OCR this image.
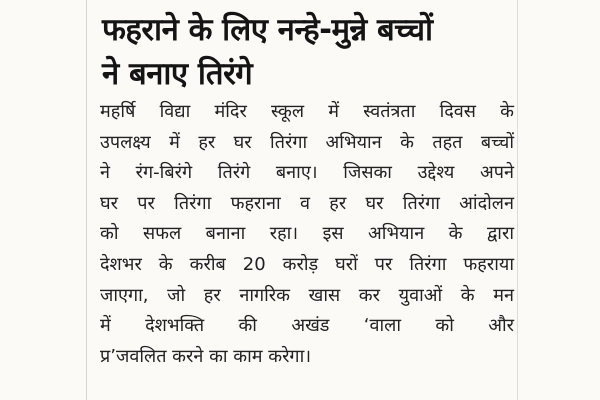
फहराने के लिए नन्हे-मुन्ने बच्चों
ने बनाए तिरंगे
महर्षि विद्या मंदिर स्कूल में स्वतंत्रता दिवस के
उपलक्ष्य में हर घर तिरंगा अभियान के तहत बच्चों
ने रंग-बिरंगे तिरंगे बनाए। जिसका उद्देश्य अपने
घर पर तिरंगा फहराना व हर घर तिरंगा आंदोलन
को सफल बनाना रहा। इस अभियान के द्वारा
देशभर के करीब 20 करोड़ घरों पर तिरंगा फहराया
जाएगा, जो हर नागरिक खास कर युवाओं के मन
में देशभक्ति की अखंड ‘वाला को और
प्र’जवलित करने का काम करेगा।
